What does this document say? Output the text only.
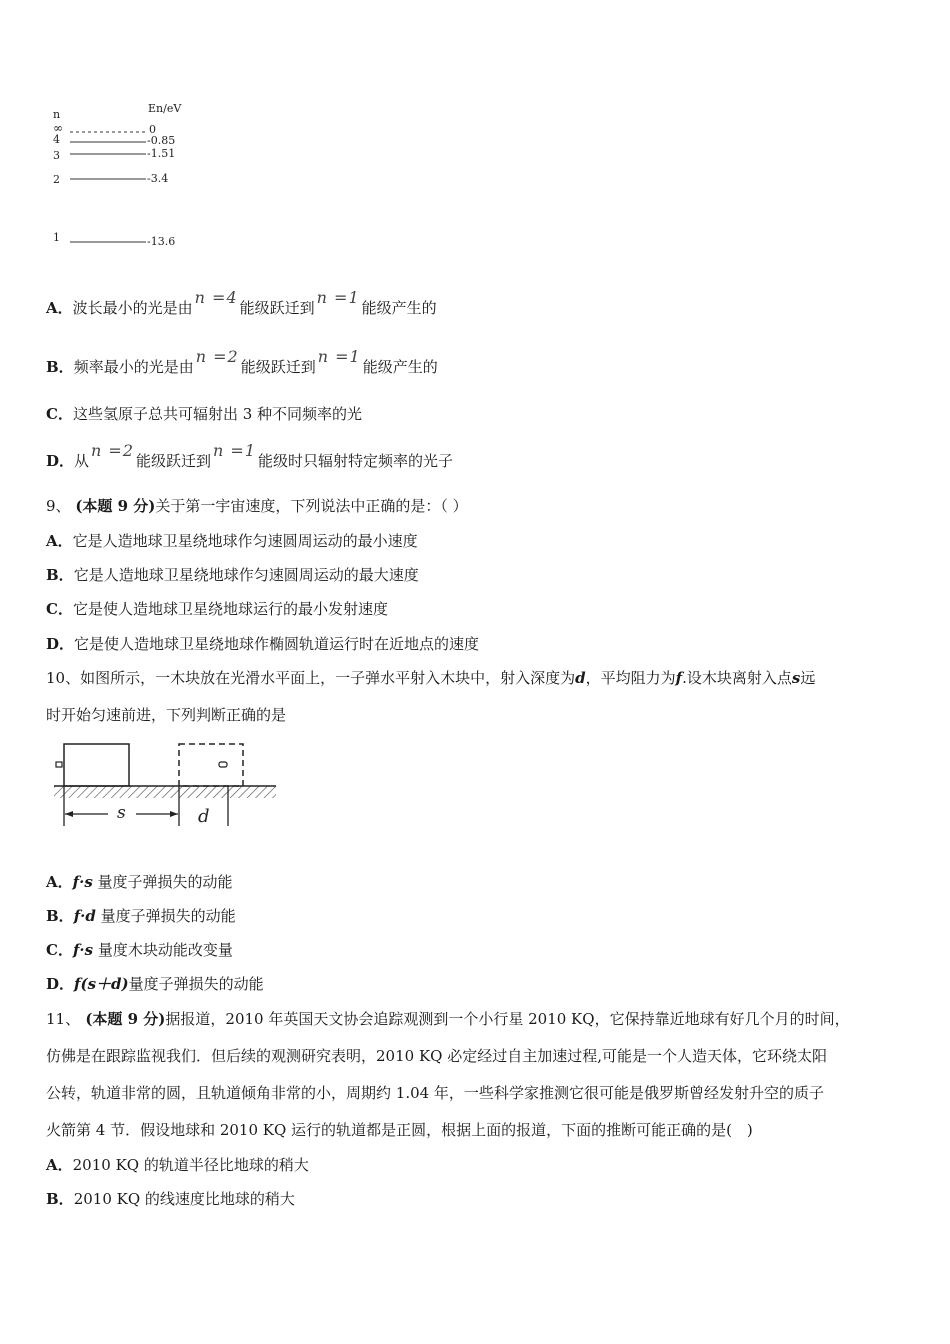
n	En/eV
∞
4
3
2
1
0
-0.85
-1.51
-3.4
-13.6
A．波长最小的光是由n =4能级跃迁到n =1能级产生的
B．频率最小的光是由n =2能级跃迁到n =1能级产生的
C．这些氢原子总共可辐射出 3 种不同频率的光
D．从n =2能级跃迁到n =1能级时只辐射特定频率的光子
9、 (本题 9 分)关于第一宇宙速度，下列说法中正确的是：（ ）
A．它是人造地球卫星绕地球作匀速圆周运动的最小速度
B．它是人造地球卫星绕地球作匀速圆周运动的最大速度
C．它是使人造地球卫星绕地球运行的最小发射速度
D．它是使人造地球卫星绕地球作椭圆轨道运行时在近地点的速度
10、如图所示，一木块放在光滑水平面上，一子弹水平射入木块中，射入深度为d，平均阻力为f.设木块离射入点s远
时开始匀速前进，下列判断正确的是
s	d
A．f·s 量度子弹损失的动能
B．f·d 量度子弹损失的动能
C．f·s 量度木块动能改变量
D．f(s＋d)量度子弹损失的动能
11、 (本题 9 分)据报道，2010 年英国天文协会追踪观测到一个小行星 2010 KQ，它保持靠近地球有好几个月的时间，
仿佛是在跟踪监视我们．但后续的观测研究表明，2010 KQ 必定经过自主加速过程,可能是一个人造天体，它环绕太阳
公转，轨道非常的圆，且轨道倾角非常的小，周期约 1.04 年，一些科学家推测它很可能是俄罗斯曾经发射升空的质子
火箭第 4 节．假设地球和 2010 KQ 运行的轨道都是正圆，根据上面的报道，下面的推断可能正确的是(　)
A．2010 KQ 的轨道半径比地球的稍大
B．2010 KQ 的线速度比地球的稍大
